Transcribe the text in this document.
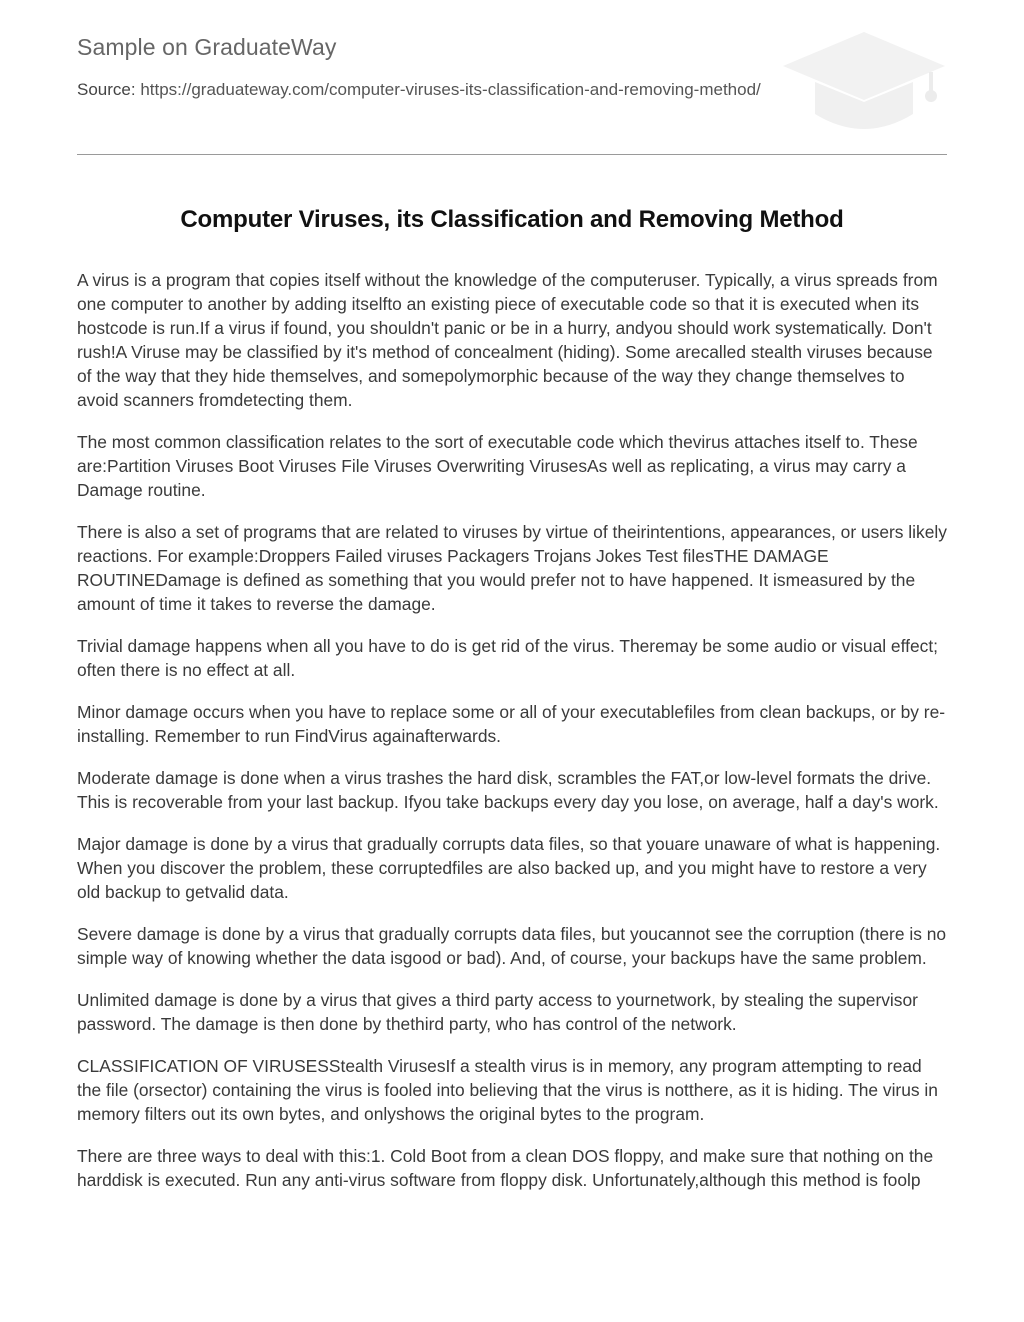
Sample on GraduateWay
Source: https://graduateway.com/computer-viruses-its-classification-and-removing-method/
Computer Viruses, its Classification and Removing Method

A virus is a program that copies itself without the knowledge of the computeruser. Typically, a virus spreads from one computer to another by adding itselfto an existing piece of executable code so that it is executed when its hostcode is run.If a virus if found, you shouldn't panic or be in a hurry, andyou should work systematically. Don't rush!A Viruse may be classified by it's method of concealment (hiding). Some arecalled stealth viruses because of the way that they hide themselves, and somepolymorphic because of the way they change themselves to avoid scanners fromdetecting them.

The most common classification relates to the sort of executable code which thevirus attaches itself to. These are:Partition Viruses Boot Viruses File Viruses Overwriting VirusesAs well as replicating, a virus may carry a Damage routine.

There is also a set of programs that are related to viruses by virtue of theirintentions, appearances, or users likely reactions. For example:Droppers Failed viruses Packagers Trojans Jokes Test filesTHE DAMAGE ROUTINEDamage is defined as something that you would prefer not to have happened. It ismeasured by the amount of time it takes to reverse the damage.

Trivial damage happens when all you have to do is get rid of the virus. Theremay be some audio or visual effect; often there is no effect at all.

Minor damage occurs when you have to replace some or all of your executablefiles from clean backups, or by re-installing. Remember to run FindVirus againafterwards.

Moderate damage is done when a virus trashes the hard disk, scrambles the FAT,or low-level formats the drive. This is recoverable from your last backup. Ifyou take backups every day you lose, on average, half a day's work.

Major damage is done by a virus that gradually corrupts data files, so that youare unaware of what is happening. When you discover the problem, these corruptedfiles are also backed up, and you might have to restore a very old backup to getvalid data.

Severe damage is done by a virus that gradually corrupts data files, but youcannot see the corruption (there is no simple way of knowing whether the data isgood or bad). And, of course, your backups have the same problem.

Unlimited damage is done by a virus that gives a third party access to yournetwork, by stealing the supervisor password. The damage is then done by thethird party, who has control of the network.

CLASSIFICATION OF VIRUSESStealth VirusesIf a stealth virus is in memory, any program attempting to read the file (orsector) containing the virus is fooled into believing that the virus is notthere, as it is hiding. The virus in memory filters out its own bytes, and onlyshows the original bytes to the program.

There are three ways to deal with this:1. Cold Boot from a clean DOS floppy, and make sure that nothing on the harddisk is executed. Run any anti-virus software from floppy disk. Unfortunately,although this method is foolp
